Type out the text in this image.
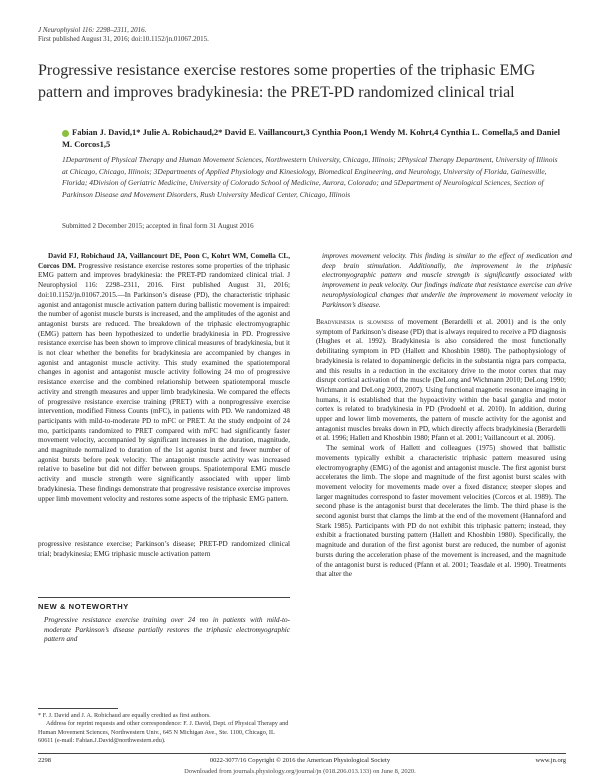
J Neurophysiol 116: 2298–2311, 2016.
First published August 31, 2016; doi:10.1152/jn.01067.2015.
Progressive resistance exercise restores some properties of the triphasic EMG pattern and improves bradykinesia: the PRET-PD randomized clinical trial
Fabian J. David,1* Julie A. Robichaud,2* David E. Vaillancourt,3 Cynthia Poon,1 Wendy M. Kohrt,4 Cynthia L. Comella,5 and Daniel M. Corcos1,5
1Department of Physical Therapy and Human Movement Sciences, Northwestern University, Chicago, Illinois; 2Physical Therapy Department, University of Illinois at Chicago, Chicago, Illinois; 3Departments of Applied Physiology and Kinesiology, Biomedical Engineering, and Neurology, University of Florida, Gainesville, Florida; 4Division of Geriatric Medicine, University of Colorado School of Medicine, Aurora, Colorado; and 5Department of Neurological Sciences, Section of Parkinson Disease and Movement Disorders, Rush University Medical Center, Chicago, Illinois
Submitted 2 December 2015; accepted in final form 31 August 2016
David FJ, Robichaud JA, Vaillancourt DE, Poon C, Kohrt WM, Comella CL, Corcos DM. Progressive resistance exercise restores some properties of the triphasic EMG pattern and improves bradykinesia: the PRET-PD randomized clinical trial. J Neurophysiol 116: 2298–2311, 2016. First published August 31, 2016; doi:10.1152/jn.01067.2015.—In Parkinson’s disease (PD), the characteristic triphasic agonist and antagonist muscle activation pattern during ballistic movement is impaired: the number of agonist muscle bursts is increased, and the amplitudes of the agonist and antagonist bursts are reduced. The breakdown of the triphasic electromyographic (EMG) pattern has been hypothesized to underlie bradykinesia in PD. Progressive resistance exercise has been shown to improve clinical measures of bradykinesia, but it is not clear whether the benefits for bradykinesia are accompanied by changes in agonist and antagonist muscle activity. This study examined the spatiotemporal changes in agonist and antagonist muscle activity following 24 mo of progressive resistance exercise and the combined relationship between spatiotemporal muscle activity and strength measures and upper limb bradykinesia. We compared the effects of progressive resistance exercise training (PRET) with a nonprogressive exercise intervention, modified Fitness Counts (mFC), in patients with PD. We randomized 48 participants with mild-to-moderate PD to mFC or PRET. At the study endpoint of 24 mo, participants randomized to PRET compared with mFC had significantly faster movement velocity, accompanied by significant increases in the duration, magnitude, and magnitude normalized to duration of the 1st agonist burst and fewer number of agonist bursts before peak velocity. The antagonist muscle activity was increased relative to baseline but did not differ between groups. Spatiotemporal EMG muscle activity and muscle strength were significantly associated with upper limb bradykinesia. These findings demonstrate that progressive resistance exercise improves upper limb movement velocity and restores some aspects of the triphasic EMG pattern.
progressive resistance exercise; Parkinson’s disease; PRET-PD randomized clinical trial; bradykinesia; EMG triphasic muscle activation pattern
NEW & NOTEWORTHY
Progressive resistance exercise training over 24 mo in patients with mild-to-moderate Parkinson’s disease partially restores the triphasic electromyographic pattern and
* F. J. David and J. A. Robichaud are equally credited as first authors.
Address for reprint requests and other correspondence: F. J. David, Dept. of Physical Therapy and Human Movement Sciences, Northwestern Univ., 645 N Michigan Ave., Ste. 1100, Chicago, IL 60611 (e-mail: Fabian.J.David@northwestern.edu).
improves movement velocity. This finding is similar to the effect of medication and deep brain stimulation. Additionally, the improvement in the triphasic electromyographic pattern and muscle strength is significantly associated with improvement in peak velocity. Our findings indicate that resistance exercise can drive neurophysiological changes that underlie the improvement in movement velocity in Parkinson’s disease.

Bradykinesia is slowness of movement (Berardelli et al. 2001) and is the only symptom of Parkinson’s disease (PD) that is always required to receive a PD diagnosis (Hughes et al. 1992). Bradykinesia is also considered the most functionally debilitating symptom in PD (Hallett and Khoshbin 1980). The pathophysiology of bradykinesia is related to dopaminergic deficits in the substantia nigra pars compacta, and this results in a reduction in the excitatory drive to the motor cortex that may disrupt cortical activation of the muscle (DeLong and Wichmann 2010; DeLong 1990; Wichmann and DeLong 2003, 2007). Using functional magnetic resonance imaging in humans, it is established that the hypoactivity within the basal ganglia and motor cortex is related to bradykinesia in PD (Prodoehl et al. 2010). In addition, during upper and lower limb movements, the pattern of muscle activity for the agonist and antagonist muscles breaks down in PD, which directly affects bradykinesia (Berardelli et al. 1996; Hallett and Khoshbin 1980; Pfann et al. 2001; Vaillancourt et al. 2006).

The seminal work of Hallett and colleagues (1975) showed that ballistic movements typically exhibit a characteristic triphasic pattern measured using electromyography (EMG) of the agonist and antagonist muscle. The first agonist burst accelerates the limb. The slope and magnitude of the first agonist burst scales with movement velocity for movements made over a fixed distance; steeper slopes and larger magnitudes correspond to faster movement velocities (Corcos et al. 1989). The second phase is the antagonist burst that decelerates the limb. The third phase is the second agonist burst that clamps the limb at the end of the movement (Hannaford and Stark 1985). Participants with PD do not exhibit this triphasic pattern; instead, they exhibit a fractionated bursting pattern (Hallett and Khoshbin 1980). Specifically, the magnitude and duration of the first agonist burst are reduced, the number of agonist bursts during the acceleration phase of the movement is increased, and the magnitude of the antagonist burst is reduced (Pfann et al. 2001; Teasdale et al. 1990). Treatments that alter the

2298	0022-3077/16 Copyright © 2016 the American Physiological Society	www.jn.org
Downloaded from journals.physiology.org/journal/jn (018.206.013.133) on June 8, 2020.
